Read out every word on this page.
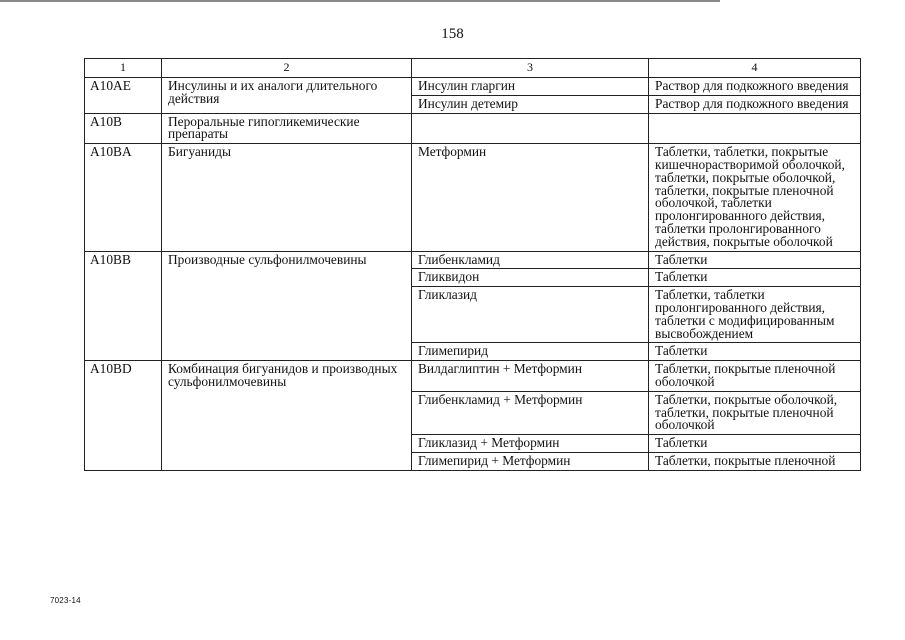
158
1	2	3	4
A10AE	Инсулины и их аналоги длительного действия	Инсулин гларгин	Раствор для подкожного введения
		Инсулин детемир	Раствор для подкожного введения
A10B	Пероральные гипогликемические препараты		
A10BA	Бигуаниды	Метформин	Таблетки, таблетки, покрытые кишечнорастворимой оболочкой, таблетки, покрытые оболочкой, таблетки, покрытые пленочной оболочкой, таблетки пролонгированного действия, таблетки пролонгированного действия, покрытые оболочкой
A10BB	Производные сульфонилмочевины	Глибенкламид	Таблетки
		Гликвидон	Таблетки
		Гликлазид	Таблетки, таблетки пролонгированного действия, таблетки с модифицированным высвобождением
		Глимепирид	Таблетки
A10BD	Комбинация бигуанидов и производных сульфонилмочевины	Вилдаглиптин + Метформин	Таблетки, покрытые пленочной оболочкой
		Глибенкламид + Метформин	Таблетки, покрытые оболочкой, таблетки, покрытые пленочной оболочкой
		Гликлазид + Метформин	Таблетки
		Глимепирид + Метформин	Таблетки, покрытые пленочной
7023-14
